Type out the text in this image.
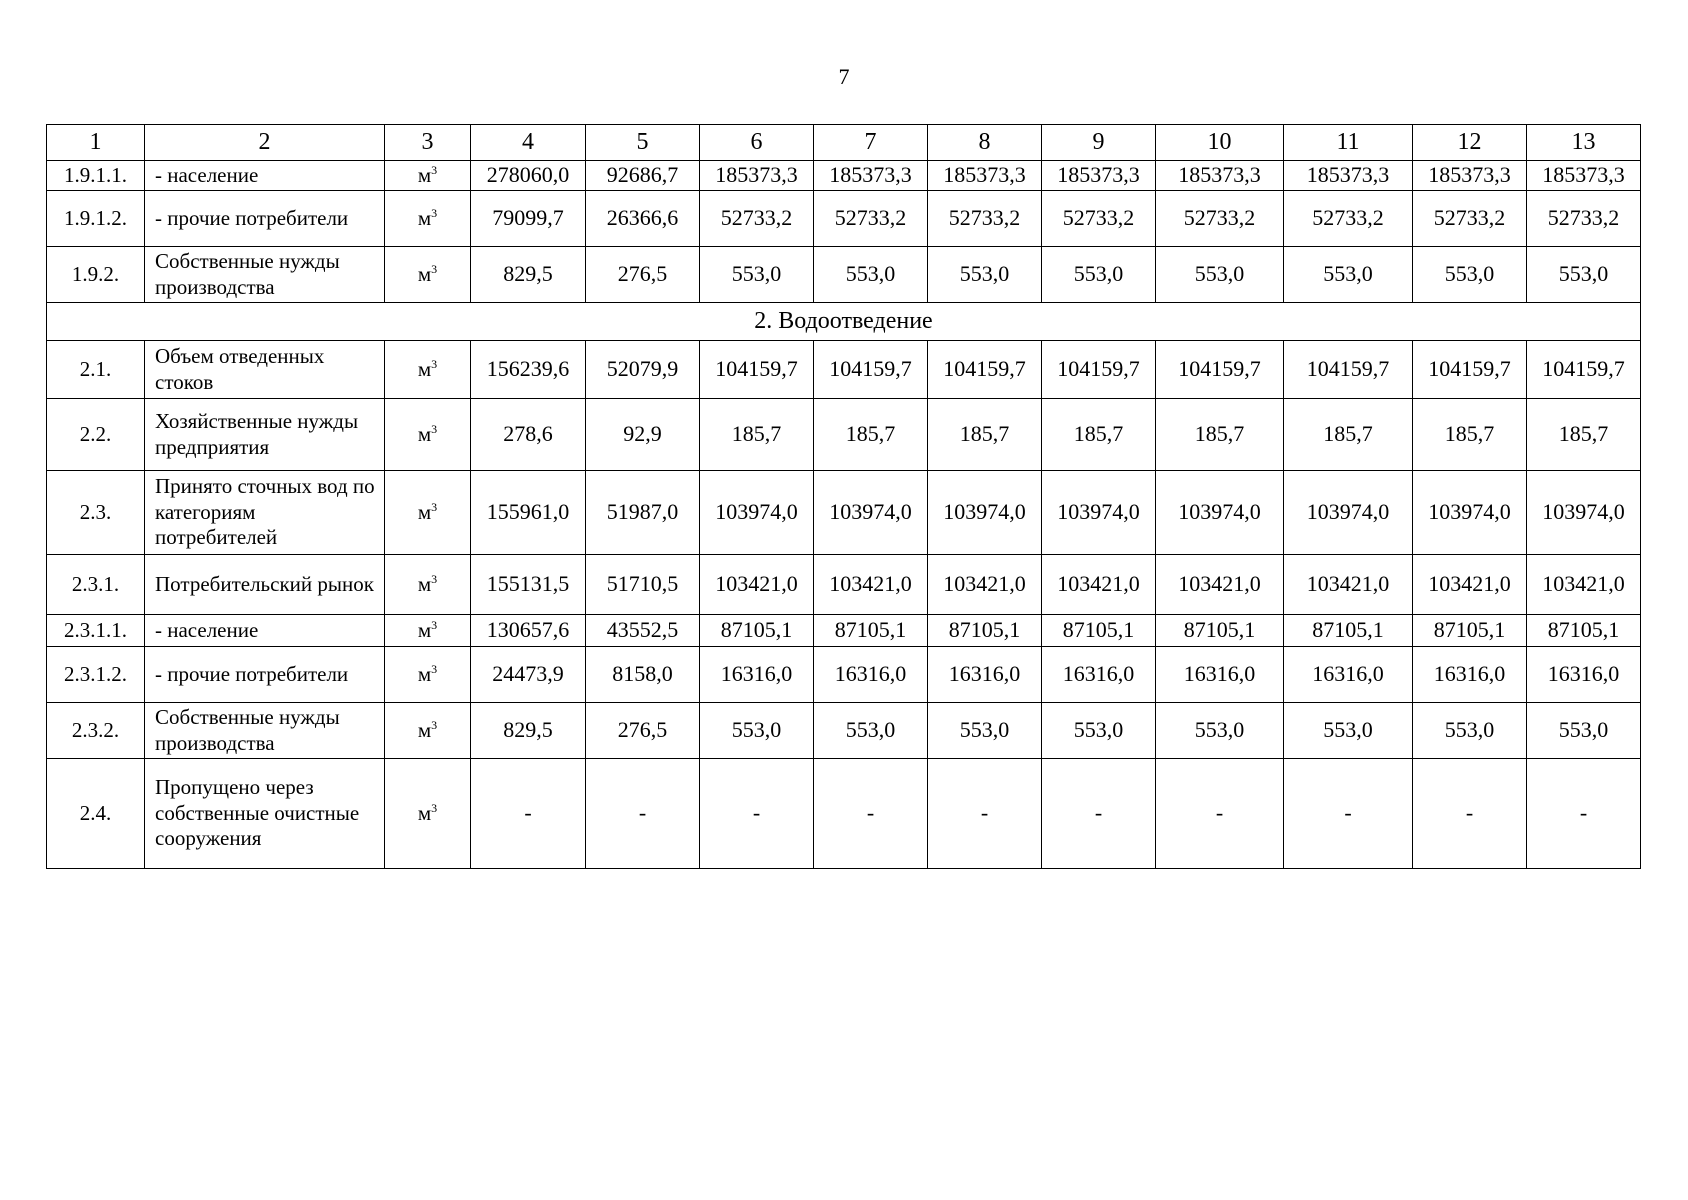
7
1	2	3	4	5	6	7	8	9	10	11	12	13
1.9.1.1.	- население	$м^3$	278060,0	92686,7	185373,3	185373,3	185373,3	185373,3	185373,3	185373,3	185373,3	185373,3
1.9.1.2.	- прочие потребители	$м^3$	79099,7	26366,6	52733,2	52733,2	52733,2	52733,2	52733,2	52733,2	52733,2	52733,2
1.9.2.	Собственные нужды производства	$м^3$	829,5	276,5	553,0	553,0	553,0	553,0	553,0	553,0	553,0	553,0
2. Водоотведение												
2.1.	Объем отведенных стоков	$м^3$	156239,6	52079,9	104159,7	104159,7	104159,7	104159,7	104159,7	104159,7	104159,7	104159,7
2.2.	Хозяйственные нужды предприятия	$м^3$	278,6	92,9	185,7	185,7	185,7	185,7	185,7	185,7	185,7	185,7
2.3.	Принято сточных вод по категориям потребителей	$м^3$	155961,0	51987,0	103974,0	103974,0	103974,0	103974,0	103974,0	103974,0	103974,0	103974,0
2.3.1.	Потребительский рынок	$м^3$	155131,5	51710,5	103421,0	103421,0	103421,0	103421,0	103421,0	103421,0	103421,0	103421,0
2.3.1.1.	- население	$м^3$	130657,6	43552,5	87105,1	87105,1	87105,1	87105,1	87105,1	87105,1	87105,1	87105,1
2.3.1.2.	- прочие потребители	$м^3$	24473,9	8158,0	16316,0	16316,0	16316,0	16316,0	16316,0	16316,0	16316,0	16316,0
2.3.2.	Собственные нужды производства	$м^3$	829,5	276,5	553,0	553,0	553,0	553,0	553,0	553,0	553,0	553,0
2.4.	Пропущено через собственные очистные сооружения	$м^3$	-	-	-	-	-	-	-	-	-	-
